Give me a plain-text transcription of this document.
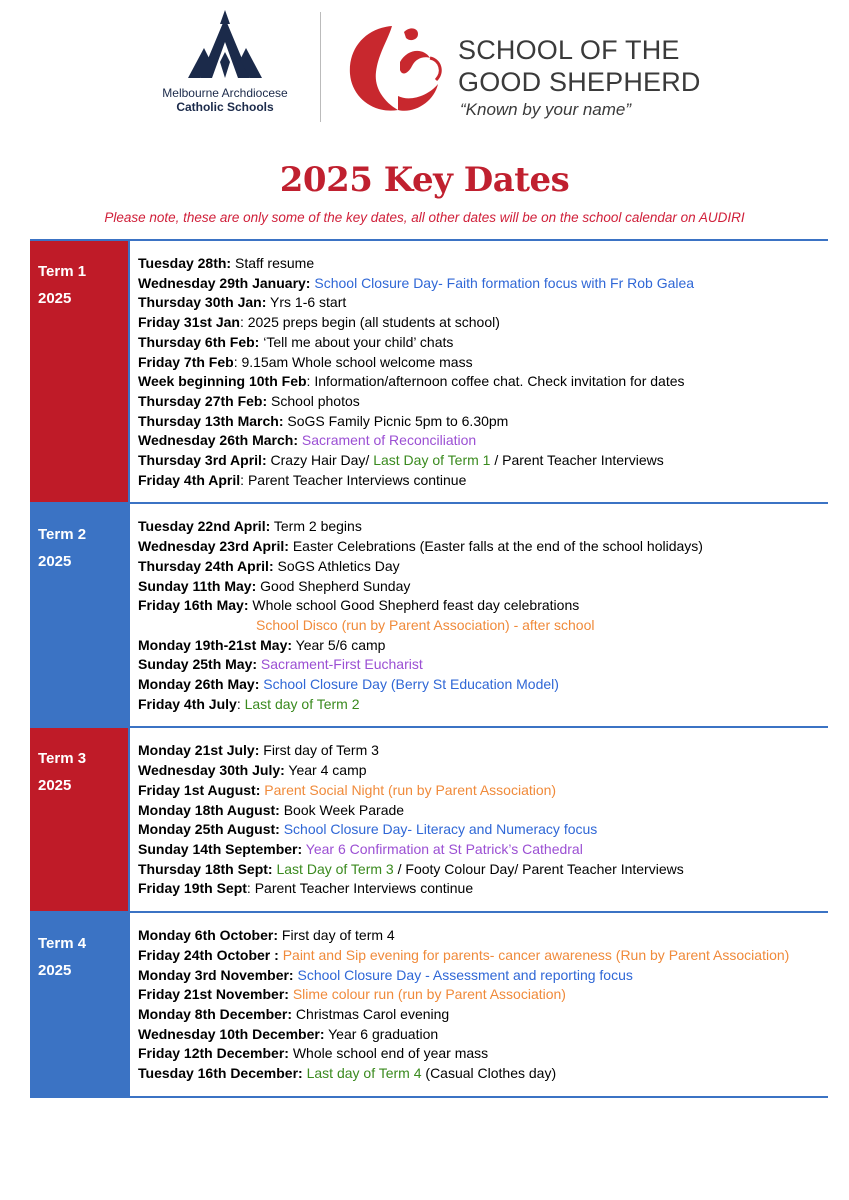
Melbourne Archdiocese
Catholic Schools
SCHOOL OF THE
GOOD SHEPHERD
“Known by your name”
2025 Key Dates
Please note, these are only some of the key dates, all other dates will be on the school calendar on AUDIRI
Term 1
2025
Tuesday 28th: Staff resume
Wednesday 29th January: School Closure Day- Faith formation focus with Fr Rob Galea
Thursday 30th Jan: Yrs 1-6 start
Friday 31st Jan: 2025 preps begin (all students at school)
Thursday 6th Feb: ‘Tell me about your child’ chats
Friday 7th Feb: 9.15am Whole school welcome mass
Week beginning 10th Feb: Information/afternoon coffee chat. Check invitation for dates
Thursday 27th Feb: School photos
Thursday 13th March: SoGS Family Picnic 5pm to 6.30pm
Wednesday 26th March: Sacrament of Reconciliation
Thursday 3rd April: Crazy Hair Day/ Last Day of Term 1 / Parent Teacher Interviews
Friday 4th April: Parent Teacher Interviews continue
Term 2
2025
Tuesday 22nd April: Term 2 begins
Wednesday 23rd April: Easter Celebrations (Easter falls at the end of the school holidays)
Thursday 24th April: SoGS Athletics Day
Sunday 11th May: Good Shepherd Sunday
Friday 16th May: Whole school Good Shepherd feast day celebrations
School Disco (run by Parent Association) - after school
Monday 19th-21st May: Year 5/6 camp
Sunday 25th May: Sacrament-First Eucharist
Monday 26th May: School Closure Day (Berry St Education Model)
Friday 4th July: Last day of Term 2
Term 3
2025
Monday 21st July: First day of Term 3
Wednesday 30th July: Year 4 camp
Friday 1st August: Parent Social Night (run by Parent Association)
Monday 18th August: Book Week Parade
Monday 25th August: School Closure Day- Literacy and Numeracy focus
Sunday 14th September: Year 6 Confirmation at St Patrick’s Cathedral
Thursday 18th Sept: Last Day of Term 3 / Footy Colour Day/ Parent Teacher Interviews
Friday 19th Sept: Parent Teacher Interviews continue
Term 4
2025
Monday 6th October: First day of term 4
Friday 24th October : Paint and Sip evening for parents- cancer awareness (Run by Parent Association)
Monday 3rd November: School Closure Day - Assessment and reporting focus
Friday 21st November: Slime colour run (run by Parent Association)
Monday 8th December: Christmas Carol evening
Wednesday 10th December: Year 6 graduation
Friday 12th December: Whole school end of year mass
Tuesday 16th December: Last day of Term 4 (Casual Clothes day)
